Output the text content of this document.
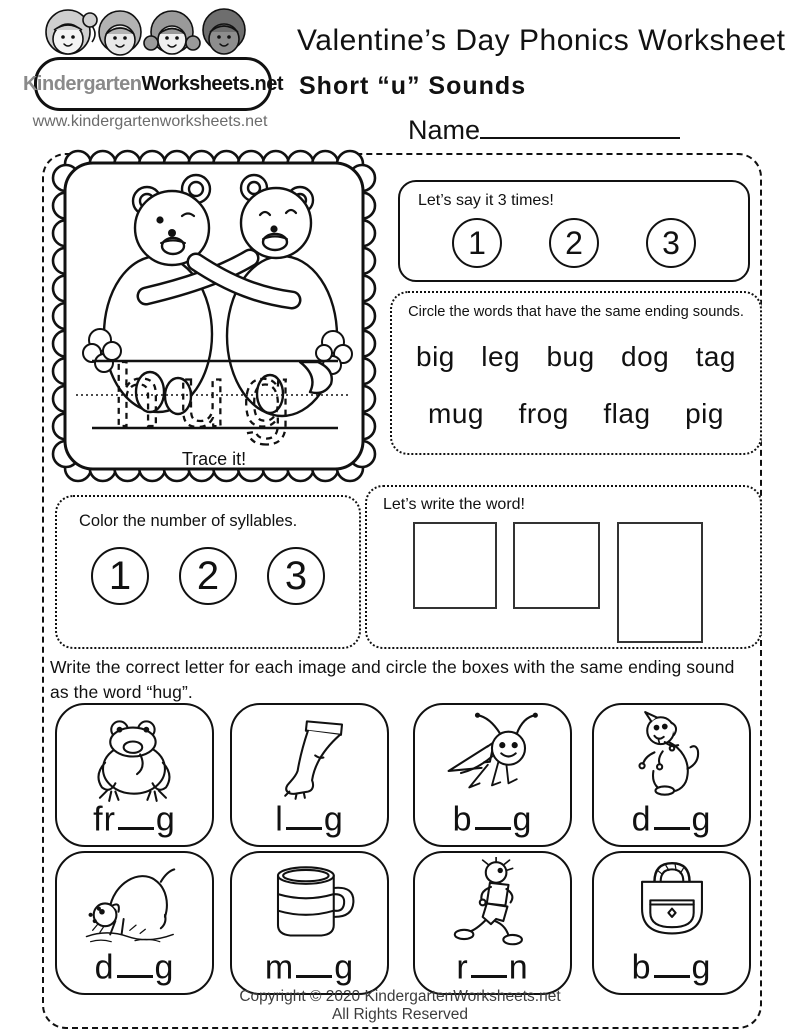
Kindergarten Worksheets.net
www.kindergartenworksheets.net
Valentine’s Day Phonics Worksheet
Short “u” Sounds
Name
hug
Trace it!
Let’s say it 3 times!
1	2	3
Circle the words that have the same ending sounds.
big leg bug dog tag
mug frog flag pig
Color the number of syllables.
1	2	3
Let’s write the word!
Write the correct letter for each image and circle the boxes with the same ending sound as the word “hug”.
fr g	l g	b g	d g
d g	m g	r n	b g
Copyright © 2020 KindergartenWorksheets.net
All Rights Reserved
